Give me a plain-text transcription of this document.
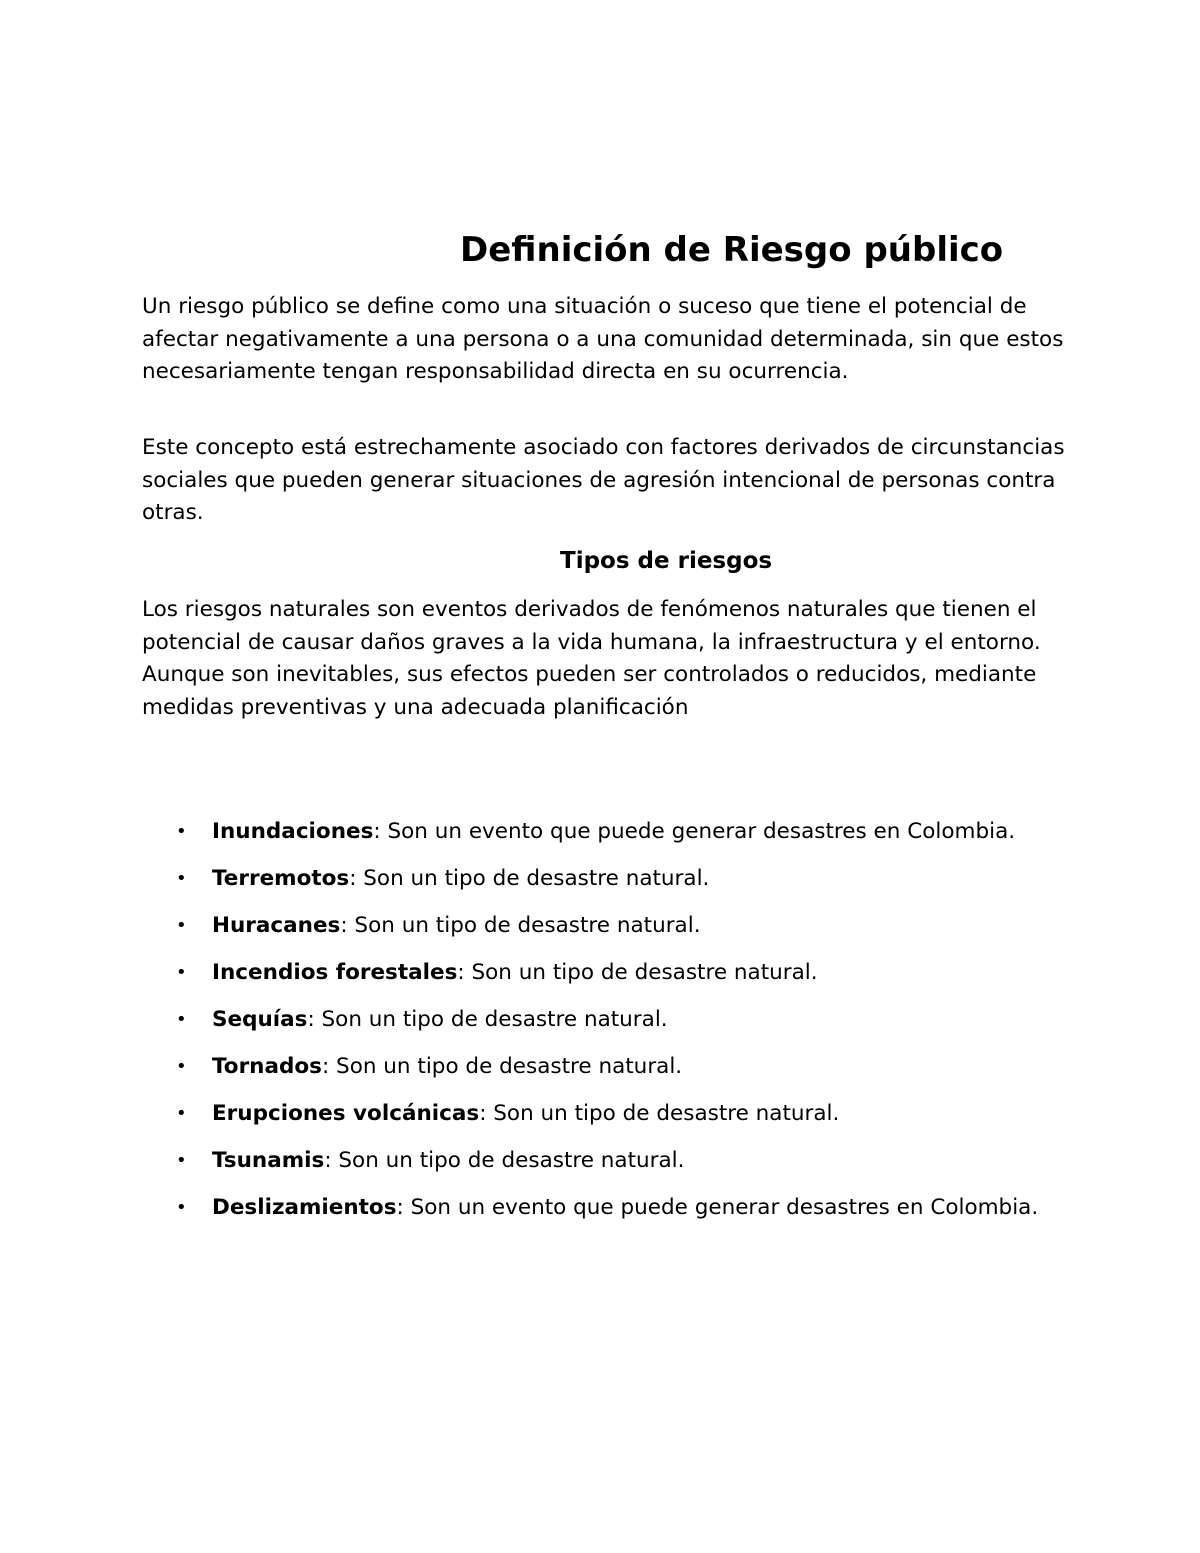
Definición de Riesgo público

Un riesgo público se define como una situación o suceso que tiene el potencial de afectar negativamente a una persona o a una comunidad determinada, sin que estos necesariamente tengan responsabilidad directa en su ocurrencia.

Este concepto está estrechamente asociado con factores derivados de circunstancias sociales que pueden generar situaciones de agresión intencional de personas contra otras.

Tipos de riesgos

Los riesgos naturales son eventos derivados de fenómenos naturales que tienen el potencial de causar daños graves a la vida humana, la infraestructura y el entorno. Aunque son inevitables, sus efectos pueden ser controlados o reducidos, mediante medidas preventivas y una adecuada planificación

• Inundaciones: Son un evento que puede generar desastres en Colombia.
• Terremotos: Son un tipo de desastre natural.
• Huracanes: Son un tipo de desastre natural.
• Incendios forestales: Son un tipo de desastre natural.
• Sequías: Son un tipo de desastre natural.
• Tornados: Son un tipo de desastre natural.
• Erupciones volcánicas: Son un tipo de desastre natural.
• Tsunamis: Son un tipo de desastre natural.
• Deslizamientos: Son un evento que puede generar desastres en Colombia.
